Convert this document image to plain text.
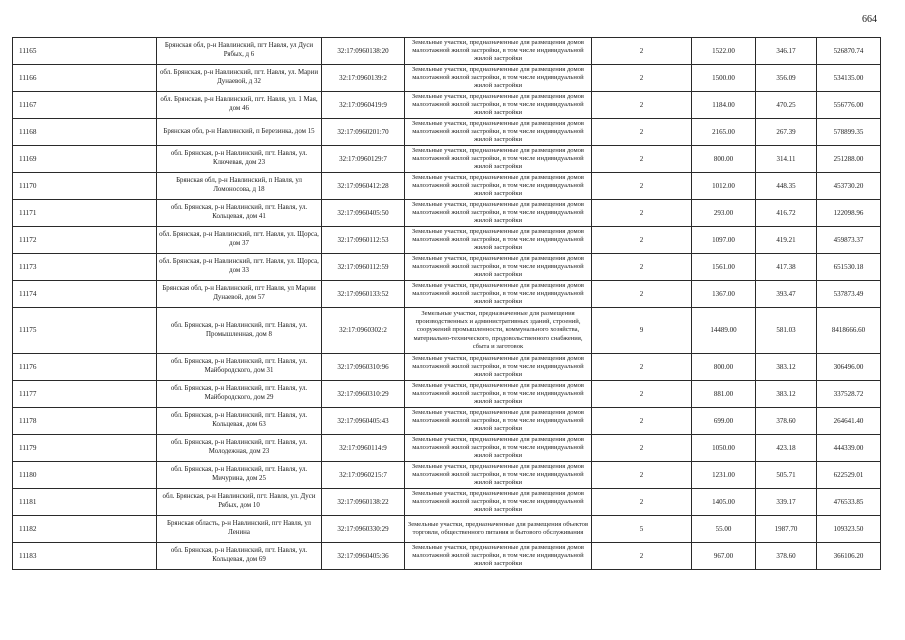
664
11165	Брянская обл, р-н Навлинский, пгт Навля, ул Дуси Рябых, д 6	32:17:0960138:20	Земельные участки, предназначенные для размещения домов малоэтажной жилой застройки, в том числе индивидуальной жилой застройки	2	1522.00	346.17	526870.74
11166	обл. Брянская, р-н Навлинский, пгт. Навля, ул. Марии Дунаевой, д 32	32:17:0960139:2	Земельные участки, предназначенные для размещения домов малоэтажной жилой застройки, в том числе индивидуальной жилой застройки	2	1500.00	356.09	534135.00
11167	обл. Брянская, р-н Навлинский, пгт. Навля, ул. 1 Мая, дом 46	32:17:0960419:9	Земельные участки, предназначенные для размещения домов малоэтажной жилой застройки, в том числе индивидуальной жилой застройки	2	1184.00	470.25	556776.00
11168	Брянская обл, р-н Навлинский, п Березинка, дом 15	32:17:0960201:70	Земельные участки, предназначенные для размещения домов малоэтажной жилой застройки, в том числе индивидуальной жилой застройки	2	2165.00	267.39	578899.35
11169	обл. Брянская, р-н Навлинский, пгт. Навля, ул. Ключевая, дом 23	32:17:0960129:7	Земельные участки, предназначенные для размещения домов малоэтажной жилой застройки, в том числе индивидуальной жилой застройки	2	800.00	314.11	251288.00
11170	Брянская обл, р-н Навлинский, п Навля, ул Ломоносова, д 18	32:17:0960412:28	Земельные участки, предназначенные для размещения домов малоэтажной жилой застройки, в том числе индивидуальной жилой застройки	2	1012.00	448.35	453730.20
11171	обл. Брянская, р-н Навлинский, пгт. Навля, ул. Кольцевая, дом 41	32:17:0960405:50	Земельные участки, предназначенные для размещения домов малоэтажной жилой застройки, в том числе индивидуальной жилой застройки	2	293.00	416.72	122098.96
11172	обл. Брянская, р-н Навлинский, пгт. Навля, ул. Щорса, дом 37	32:17:0960112:53	Земельные участки, предназначенные для размещения домов малоэтажной жилой застройки, в том числе индивидуальной жилой застройки	2	1097.00	419.21	459873.37
11173	обл. Брянская, р-н Навлинский, пгт. Навля, ул. Щорса, дом 33	32:17:0960112:59	Земельные участки, предназначенные для размещения домов малоэтажной жилой застройки, в том числе индивидуальной жилой застройки	2	1561.00	417.38	651530.18
11174	Брянская обл, р-н Навлинский, пгт Навля, ул Марии Дунаевой, дом 57	32:17:0960133:52	Земельные участки, предназначенные для размещения домов малоэтажной жилой застройки, в том числе индивидуальной жилой застройки	2	1367.00	393.47	537873.49
11175	обл. Брянская, р-н Навлинский, пгт. Навля, ул. Промышленная, дом 8	32:17:0960302:2	Земельные участки, предназначенные для размещения производственных и административных зданий, строений, сооружений промышленности, коммунального хозяйства, материально-технического, продовольственного снабжения, сбыта и заготовок	9	14489.00	581.03	8418666.60
11176	обл. Брянская, р-н Навлинский, пгт. Навля, ул. Майбородского, дом 31	32:17:0960310:96	Земельные участки, предназначенные для размещения домов малоэтажной жилой застройки, в том числе индивидуальной жилой застройки	2	800.00	383.12	306496.00
11177	обл. Брянская, р-н Навлинский, пгт. Навля, ул. Майбородского, дом 29	32:17:0960310:29	Земельные участки, предназначенные для размещения домов малоэтажной жилой застройки, в том числе индивидуальной жилой застройки	2	881.00	383.12	337528.72
11178	обл. Брянская, р-н Навлинский, пгт. Навля, ул. Кольцевая, дом 63	32:17:0960405:43	Земельные участки, предназначенные для размещения домов малоэтажной жилой застройки, в том числе индивидуальной жилой застройки	2	699.00	378.60	264641.40
11179	обл. Брянская, р-н Навлинский, пгт. Навля, ул. Молодежная, дом 23	32:17:0960114:9	Земельные участки, предназначенные для размещения домов малоэтажной жилой застройки, в том числе индивидуальной жилой застройки	2	1050.00	423.18	444339.00
11180	обл. Брянская, р-н Навлинский, пгт. Навля, ул. Мичурина, дом 25	32:17:0960215:7	Земельные участки, предназначенные для размещения домов малоэтажной жилой застройки, в том числе индивидуальной жилой застройки	2	1231.00	505.71	622529.01
11181	обл. Брянская, р-н Навлинский, пгт. Навля, ул. Дуси Рябых, дом 10	32:17:0960138:22	Земельные участки, предназначенные для размещения домов малоэтажной жилой застройки, в том числе индивидуальной жилой застройки	2	1405.00	339.17	476533.85
11182	Брянская область, р-н Навлинский, пгт Навля, ул Ленина	32:17:0960330:29	Земельные участки, предназначенные для размещения объектов торговли, общественного питания и бытового обслуживания	5	55.00	1987.70	109323.50
11183	обл. Брянская, р-н Навлинский, пгт. Навля, ул. Кольцевая, дом 69	32:17:0960405:36	Земельные участки, предназначенные для размещения домов малоэтажной жилой застройки, в том числе индивидуальной жилой застройки	2	967.00	378.60	366106.20
